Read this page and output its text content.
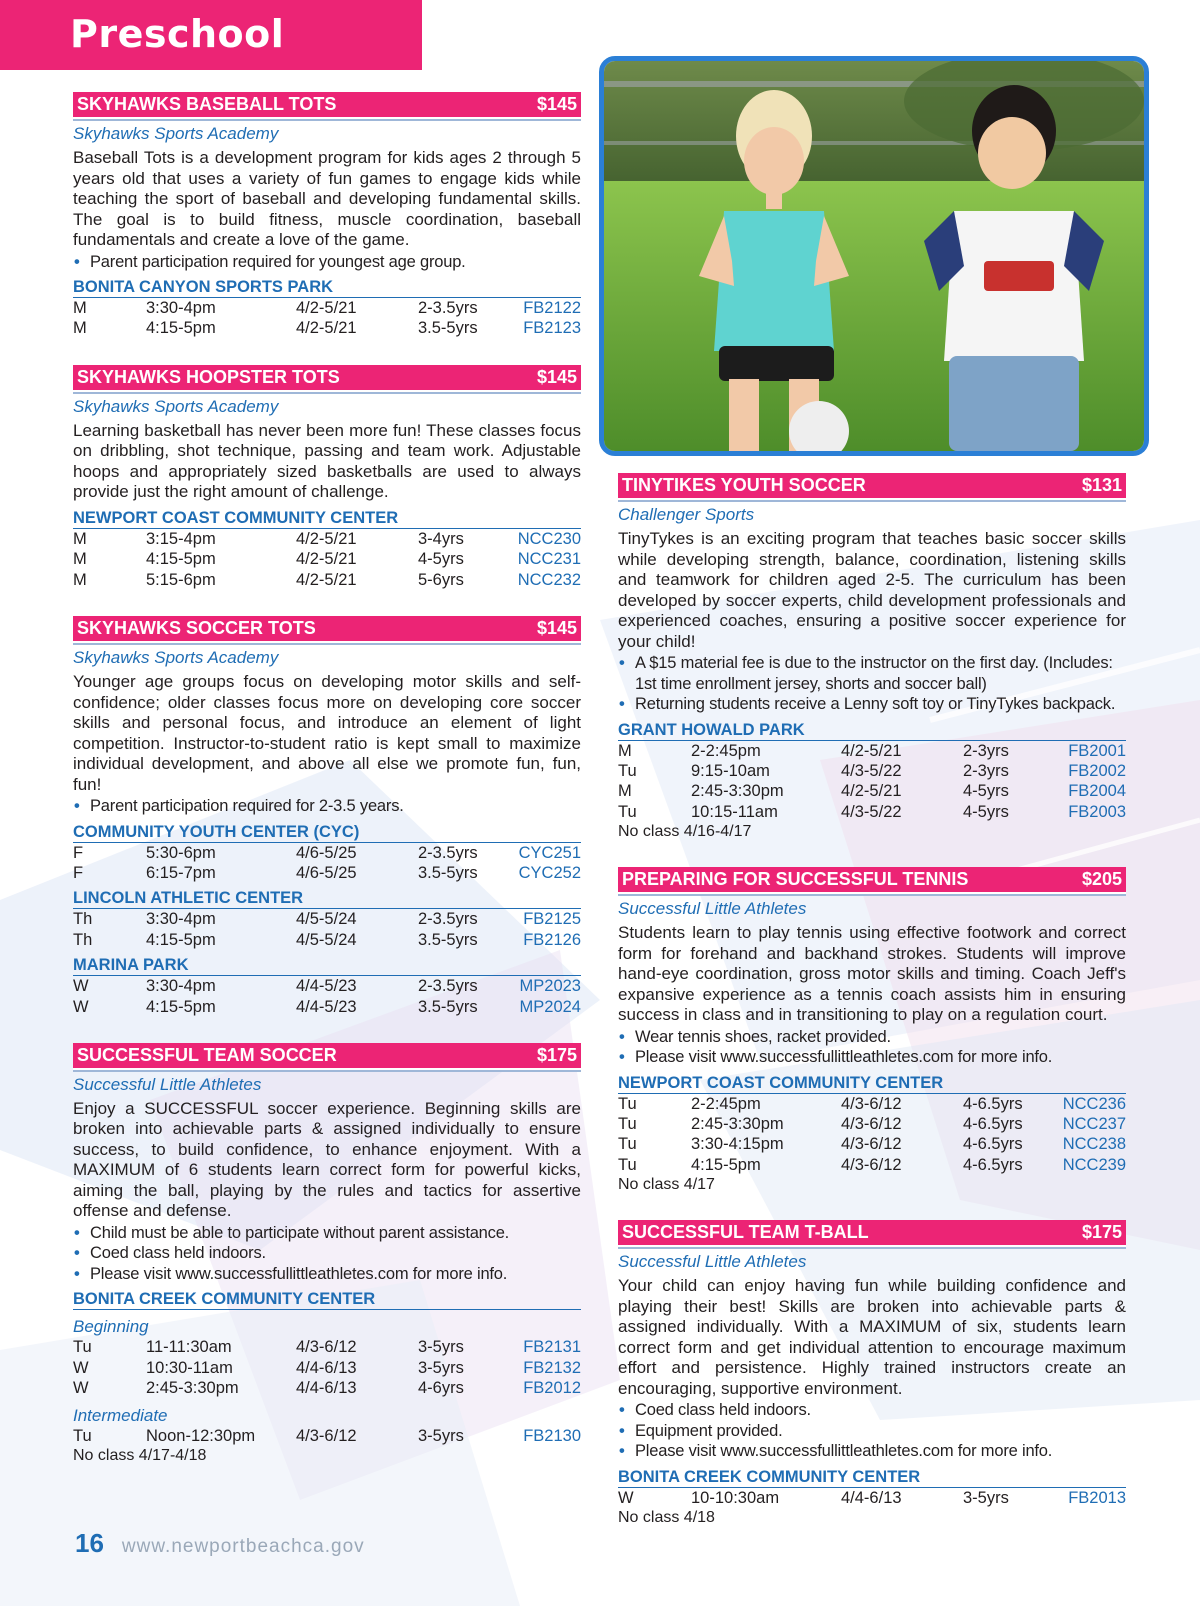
Preschool
SKYHAWKS BASEBALL TOTS	$145
Skyhawks Sports Academy

Baseball Tots is a development program for kids ages 2 through 5 years old that uses a variety of fun games to engage kids while teaching the sport of baseball and developing fundamental skills. The goal is to build fitness, muscle coordination, baseball fundamentals and create a love of the game.

• Parent participation required for youngest age group.
BONITA CANYON SPORTS PARK
M	3:30-4pm	4/2-5/21	2-3.5yrs	FB2122
M	4:15-5pm	4/2-5/21	3.5-5yrs	FB2123
SKYHAWKS HOOPSTER TOTS	$145
Skyhawks Sports Academy

Learning basketball has never been more fun! These classes focus on dribbling, shot technique, passing and team work. Adjustable hoops and appropriately sized basketballs are used to always provide just the right amount of challenge.

NEWPORT COAST COMMUNITY CENTER
M	3:15-4pm	4/2-5/21	3-4yrs	NCC230
M	4:15-5pm	4/2-5/21	4-5yrs	NCC231
M	5:15-6pm	4/2-5/21	5-6yrs	NCC232
SKYHAWKS SOCCER TOTS	$145
Skyhawks Sports Academy

Younger age groups focus on developing motor skills and self-confidence; older classes focus more on developing core soccer skills and personal focus, and introduce an element of light competition. Instructor-to-student ratio is kept small to maximize individual development, and above all else we promote fun, fun, fun!

• Parent participation required for 2-3.5 years.
COMMUNITY YOUTH CENTER (CYC)
F	5:30-6pm	4/6-5/25	2-3.5yrs	CYC251
F	6:15-7pm	4/6-5/25	3.5-5yrs	CYC252
LINCOLN ATHLETIC CENTER
Th	3:30-4pm	4/5-5/24	2-3.5yrs	FB2125
Th	4:15-5pm	4/5-5/24	3.5-5yrs	FB2126
MARINA PARK
W	3:30-4pm	4/4-5/23	2-3.5yrs	MP2023
W	4:15-5pm	4/4-5/23	3.5-5yrs	MP2024
SUCCESSFUL TEAM SOCCER	$175
Successful Little Athletes

Enjoy a SUCCESSFUL soccer experience. Beginning skills are broken into achievable parts & assigned individually to ensure success, to build confidence, to enhance enjoyment. With a MAXIMUM of 6 students learn correct form for powerful kicks, aiming the ball, playing by the rules and tactics for assertive offense and defense.

• Child must be able to participate without parent assistance.
• Coed class held indoors.
• Please visit www.successfullittleathletes.com for more info.
BONITA CREEK COMMUNITY CENTER
Beginning
Tu	11-11:30am	4/3-6/12	3-5yrs	FB2131
W	10:30-11am	4/4-6/13	3-5yrs	FB2132
W	2:45-3:30pm	4/4-6/13	4-6yrs	FB2012
Intermediate
Tu	Noon-12:30pm	4/3-6/12	3-5yrs	FB2130
No class 4/17-4/18
TINYTIKES YOUTH SOCCER	$131
Challenger Sports

TinyTykes is an exciting program that teaches basic soccer skills while developing strength, balance, coordination, listening skills and teamwork for children aged 2-5. The curriculum has been developed by soccer experts, child development professionals and experienced coaches, ensuring a positive soccer experience for your child!

• A $15 material fee is due to the instructor on the first day. (Includes: 1st time enrollment jersey, shorts and soccer ball)
• Returning students receive a Lenny soft toy or TinyTykes backpack.
GRANT HOWALD PARK
M	2-2:45pm	4/2-5/21	2-3yrs	FB2001
Tu	9:15-10am	4/3-5/22	2-3yrs	FB2002
M	2:45-3:30pm	4/2-5/21	4-5yrs	FB2004
Tu	10:15-11am	4/3-5/22	4-5yrs	FB2003
No class 4/16-4/17
PREPARING FOR SUCCESSFUL TENNIS	$205
Successful Little Athletes

Students learn to play tennis using effective footwork and correct form for forehand and backhand strokes. Students will improve hand-eye coordination, gross motor skills and timing. Coach Jeff's expansive experience as a tennis coach assists him in ensuring success in class and in transitioning to play on a regulation court.

• Wear tennis shoes, racket provided.
• Please visit www.successfullittleathletes.com for more info.
NEWPORT COAST COMMUNITY CENTER
Tu	2-2:45pm	4/3-6/12	4-6.5yrs	NCC236
Tu	2:45-3:30pm	4/3-6/12	4-6.5yrs	NCC237
Tu	3:30-4:15pm	4/3-6/12	4-6.5yrs	NCC238
Tu	4:15-5pm	4/3-6/12	4-6.5yrs	NCC239
No class 4/17
SUCCESSFUL TEAM T-BALL	$175
Successful Little Athletes

Your child can enjoy having fun while building confidence and playing their best! Skills are broken into achievable parts & assigned individually. With a MAXIMUM of six, students learn correct form and get individual attention to encourage maximum effort and persistence. Highly trained instructors create an encouraging, supportive environment.

• Coed class held indoors.
• Equipment provided.
• Please visit www.successfullittleathletes.com for more info.
BONITA CREEK COMMUNITY CENTER
W	10-10:30am	4/4-6/13	3-5yrs	FB2013
No class 4/18
16 www.newportbeachca.gov
